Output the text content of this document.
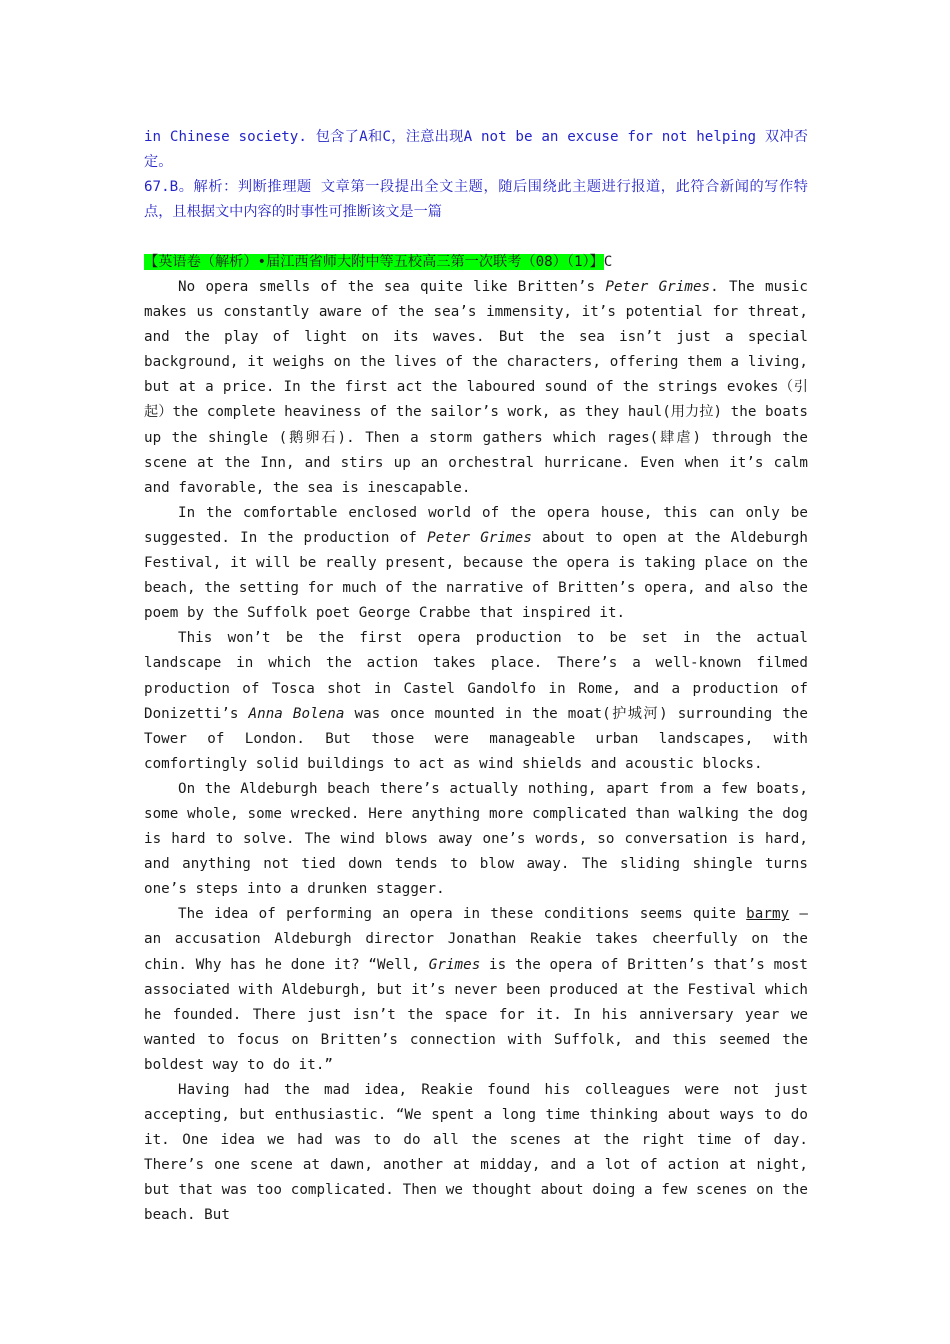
in Chinese society. 包含了A和C，注意出现A not be an excuse for not helping 双冲否定。

67.B。解析：判断推理题 文章第一段提出全文主题，随后围绕此主题进行报道，此符合新闻的写作特点，且根据文中内容的时事性可推断该文是一篇

【英语卷（解析）•届江西省师大附中等五校高三第一次联考（08）（1）】C

No opera smells of the sea quite like Britten’s Peter Grimes. The music makes us constantly aware of the sea’s immensity, it’s potential for threat, and the play of light on its waves. But the sea isn’t just a special background, it weighs on the lives of the characters, offering them a living, but at a price. In the first act the laboured sound of the strings evokes（引起）the complete heaviness of the sailor’s work, as they haul(用力拉) the boats up the shingle (鹅卵石). Then a storm gathers which rages(肆虐) through the scene at the Inn, and stirs up an orchestral hurricane. Even when it’s calm and favorable, the sea is inescapable.

In the comfortable enclosed world of the opera house, this can only be suggested. In the production of Peter Grimes about to open at the Aldeburgh Festival, it will be really present, because the opera is taking place on the beach, the setting for much of the narrative of Britten’s opera, and also the poem by the Suffolk poet George Crabbe that inspired it.

This won’t be the first opera production to be set in the actual landscape in which the action takes place. There’s a well-known filmed production of Tosca shot in Castel Gandolfo in Rome, and a production of Donizetti’s Anna Bolena was once mounted in the moat(护城河) surrounding the Tower of London. But those were manageable urban landscapes, with comfortingly solid buildings to act as wind shields and acoustic blocks.

On the Aldeburgh beach there’s actually nothing, apart from a few boats, some whole, some wrecked. Here anything more complicated than walking the dog is hard to solve. The wind blows away one’s words, so conversation is hard, and anything not tied down tends to blow away. The sliding shingle turns one’s steps into a drunken stagger.

The idea of performing an opera in these conditions seems quite barmy — an accusation Aldeburgh director Jonathan Reakie takes cheerfully on the chin. Why has he done it? “Well, Grimes is the opera of Britten’s that’s most associated with Aldeburgh, but it’s never been produced at the Festival which he founded. There just isn’t the space for it. In his anniversary year we wanted to focus on Britten’s connection with Suffolk, and this seemed the boldest way to do it.”

Having had the mad idea, Reakie found his colleagues were not just accepting, but enthusiastic. “We spent a long time thinking about ways to do it. One idea we had was to do all the scenes at the right time of day. There’s one scene at dawn, another at midday, and a lot of action at night, but that was too complicated. Then we thought about doing a few scenes on the beach. But
